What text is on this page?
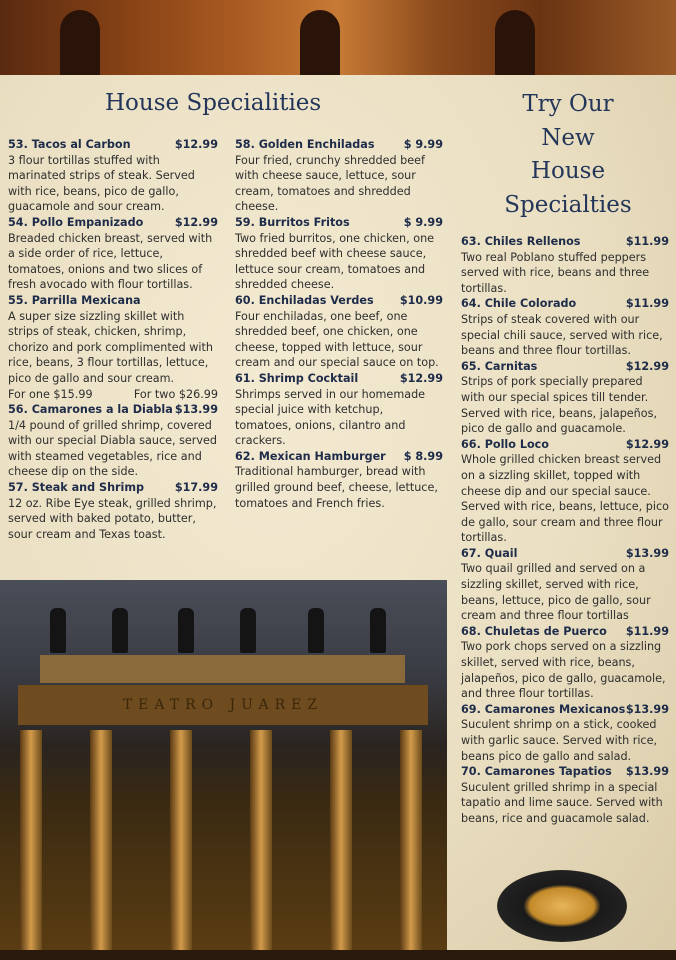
House Specialities	Try Our
New
House
Specialties
53. Tacos al Carbon	$12.99
3 flour tortillas stuffed with marinated strips of steak. Served with rice, beans, pico de gallo, guacamole and sour cream.
54. Pollo Empanizado	$12.99
Breaded chicken breast, served with a side order of rice, lettuce, tomatoes, onions and two slices of fresh avocado with flour tortillas.
55. Parrilla Mexicana
A super size sizzling skillet with strips of steak, chicken, shrimp, chorizo and pork complimented with rice, beans, 3 flour tortillas, lettuce, pico de gallo and sour cream.
For one $15.99	For two $26.99
56. Camarones a la Diabla $13.99
1/4 pound of grilled shrimp, covered with our special Diabla sauce, served with steamed vegetables, rice and cheese dip on the side.
57. Steak and Shrimp	$17.99
12 oz. Ribe Eye steak, grilled shrimp, served with baked potato, butter, sour cream and Texas toast.
58. Golden Enchiladas	$ 9.99
Four fried, crunchy shredded beef with cheese sauce, lettuce, sour cream, tomatoes and shredded cheese.
59. Burritos Fritos	$ 9.99
Two fried burritos, one chicken, one shredded beef with cheese sauce, lettuce sour cream, tomatoes and shredded cheese.
60. Enchiladas Verdes $10.99
Four enchiladas, one beef, one shredded beef, one chicken, one cheese, topped with lettuce, sour cream and our special sauce on top.
61. Shrimp Cocktail	$12.99
Shrimps served in our homemade special juice with ketchup, tomatoes, onions, cilantro and crackers.
62. Mexican Hamburger $ 8.99
Traditional hamburger, bread with grilled ground beef, cheese, lettuce, tomatoes and French fries.
63. Chiles Rellenos	$11.99
Two real Poblano stuffed peppers served with rice, beans and three tortillas.
64. Chile Colorado	$11.99
Strips of steak covered with our special chili sauce, served with rice, beans and three flour tortillas.
65. Carnitas	$12.99
Strips of pork specially prepared with our special spices till tender. Served with rice, beans, jalapeños, pico de gallo and guacamole.
66. Pollo Loco	$12.99
Whole grilled chicken breast served on a sizzling skillet, topped with cheese dip and our special sauce. Served with rice, beans, lettuce, pico de gallo, sour cream and three flour tortillas.
67. Quail	$13.99
Two quail grilled and served on a sizzling skillet, served with rice, beans, lettuce, pico de gallo, sour cream and three flour tortillas
68. Chuletas de Puerco $11.99
Two pork chops served on a sizzling skillet, served with rice, beans, jalapeños, pico de gallo, guacamole, and three flour tortillas.
69. Camarones Mexicanos $13.99
Suculent shrimp on a stick, cooked with garlic sauce. Served with rice, beans pico de gallo and salad.
70. Camarones Tapatios $13.99
Suculent grilled shrimp in a special tapatio and lime sauce. Served with beans, rice and guacamole salad.
TEATRO JUAREZ
